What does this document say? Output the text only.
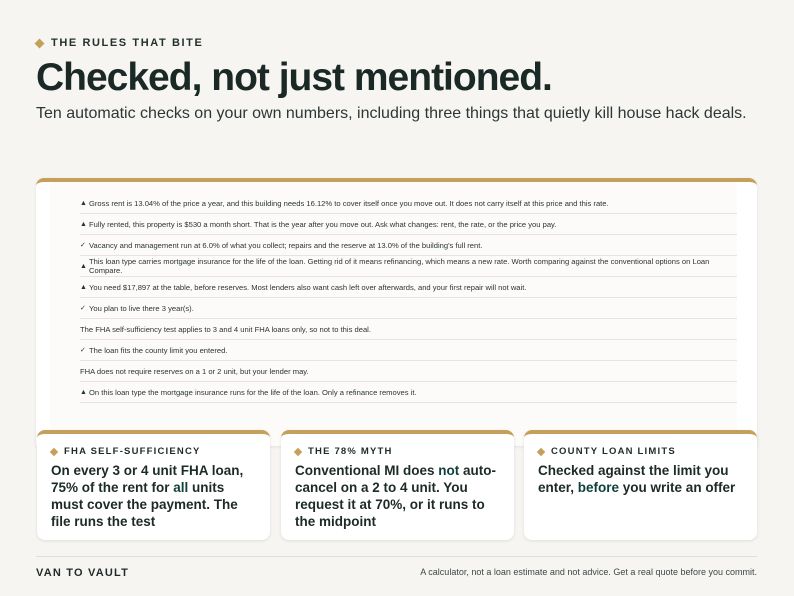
THE RULES THAT BITE
Checked, not just mentioned.

Ten automatic checks on your own numbers, including three things that quietly kill house hack deals.

▲ Gross rent is 13.04% of the price a year, and this building needs 16.12% to cover itself once you move out. It does not carry itself at this price and this rate.
▲ Fully rented, this property is $530 a month short. That is the year after you move out. Ask what changes: rent, the rate, or the price you pay.
✓ Vacancy and management run at 6.0% of what you collect; repairs and the reserve at 13.0% of the building's full rent.
▲ This loan type carries mortgage insurance for the life of the loan. Getting rid of it means refinancing, which means a new rate. Worth comparing against the conventional options on Loan Compare.
▲ You need $17,897 at the table, before reserves. Most lenders also want cash left over afterwards, and your first repair will not wait.
✓ You plan to live there 3 year(s).
The FHA self-sufficiency test applies to 3 and 4 unit FHA loans only, so not to this deal.
✓ The loan fits the county limit you entered.
FHA does not require reserves on a 1 or 2 unit, but your lender may.
▲ On this loan type the mortgage insurance runs for the life of the loan. Only a refinance removes it.
FHA SELF-SUFFICIENCY

On every 3 or 4 unit FHA loan, 75% of the rent for all units must cover the payment. The file runs the test

THE 78% MYTH

Conventional MI does not auto-cancel on a 2 to 4 unit. You request it at 70%, or it runs to the midpoint

COUNTY LOAN LIMITS

Checked against the limit you enter, before you write an offer

VAN TO VAULT	A calculator, not a loan estimate and not advice. Get a real quote before you commit.
